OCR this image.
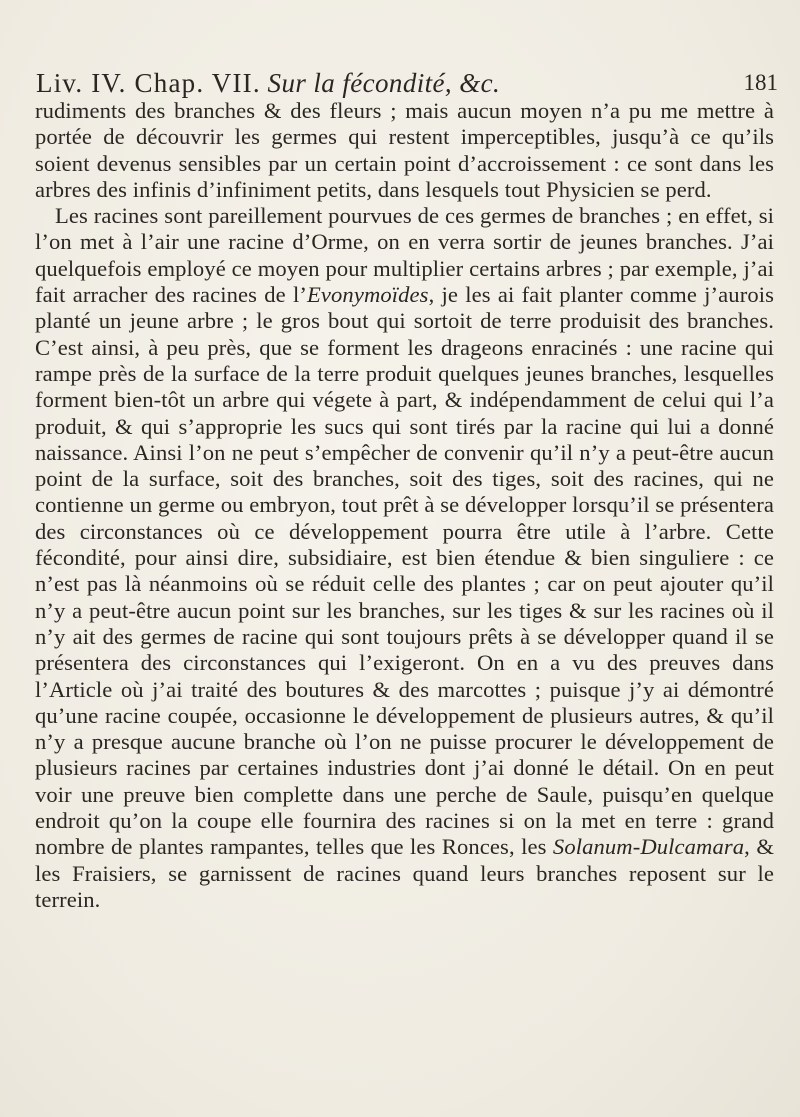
Liv. IV. Chap. VII. Sur la fécondité, &c.	181

rudiments des branches & des fleurs ; mais aucun moyen n’a pu me mettre à portée de découvrir les germes qui restent imperceptibles, jusqu’à ce qu’ils soient devenus sensibles par un certain point d’accroissement : ce sont dans les arbres des infinis d’infiniment petits, dans lesquels tout Physicien se perd.

Les racines sont pareillement pourvues de ces germes de branches ; en effet, si l’on met à l’air une racine d’Orme, on en verra sortir de jeunes branches. J’ai quelquefois employé ce moyen pour multiplier certains arbres ; par exemple, j’ai fait arracher des racines de l’Evonymoïdes, je les ai fait planter comme j’aurois planté un jeune arbre ; le gros bout qui sortoit de terre produisit des branches. C’est ainsi, à peu près, que se forment les drageons enracinés : une racine qui rampe près de la surface de la terre produit quelques jeunes branches, lesquelles forment bien-tôt un arbre qui végete à part, & indépendamment de celui qui l’a produit, & qui s’approprie les sucs qui sont tirés par la racine qui lui a donné naissance. Ainsi l’on ne peut s’empêcher de convenir qu’il n’y a peut-être aucun point de la surface, soit des branches, soit des tiges, soit des racines, qui ne contienne un germe ou embryon, tout prêt à se développer lorsqu’il se présentera des circonstances où ce développement pourra être utile à l’arbre. Cette fécondité, pour ainsi dire, subsidiaire, est bien étendue & bien singuliere : ce n’est pas là néanmoins où se réduit celle des plantes ; car on peut ajouter qu’il n’y a peut-être aucun point sur les branches, sur les tiges & sur les racines où il n’y ait des germes de racine qui sont toujours prêts à se développer quand il se présentera des circonstances qui l’exigeront. On en a vu des preuves dans l’Article où j’ai traité des boutures & des marcottes ; puisque j’y ai démontré qu’une racine coupée, occasionne le développement de plusieurs autres, & qu’il n’y a presque aucune branche où l’on ne puisse procurer le développement de plusieurs racines par certaines industries dont j’ai donné le détail. On en peut voir une preuve bien complette dans une perche de Saule, puisqu’en quelque endroit qu’on la coupe elle fournira des racines si on la met en terre : grand nombre de plantes rampantes, telles que les Ronces, les Solanum-Dulcamara, & les Fraisiers, se garnissent de racines quand leurs branches reposent sur le terrein.
